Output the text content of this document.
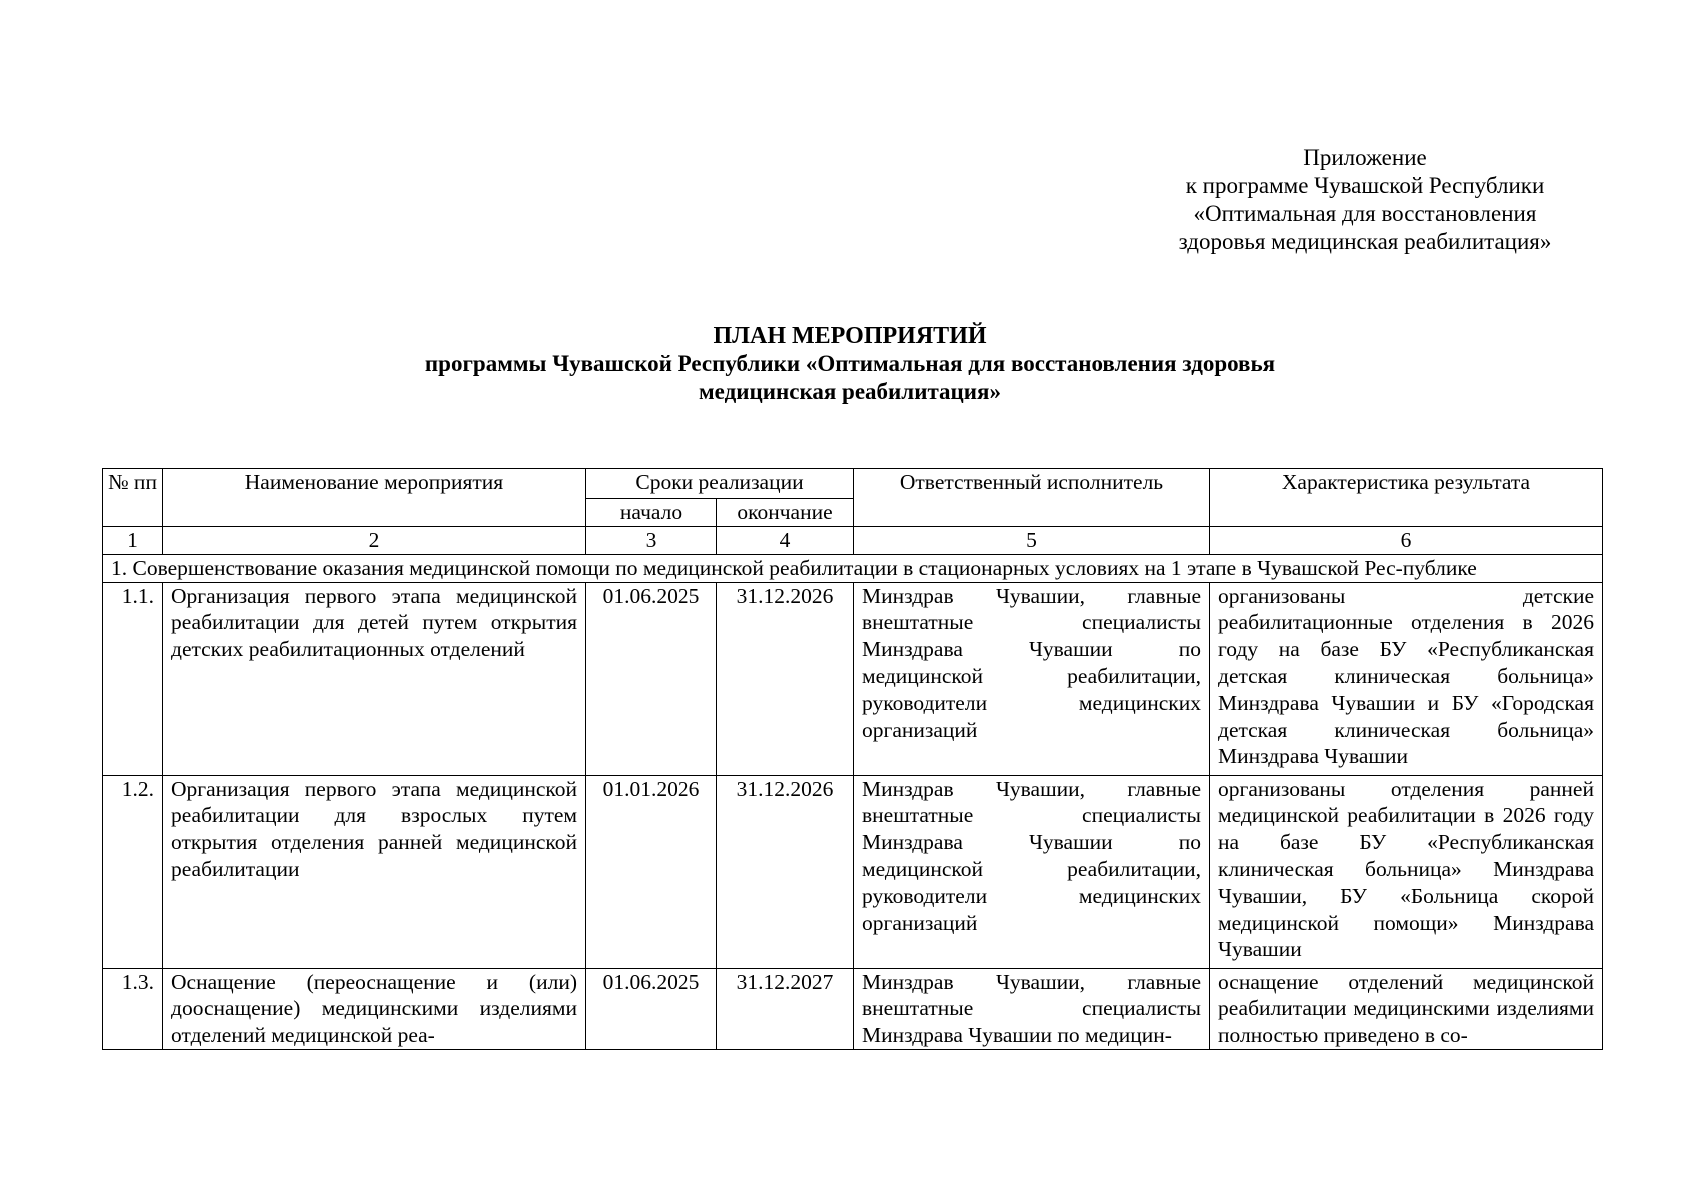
Приложение
к программе Чувашской Республики
«Оптимальная для восстановления
здоровья медицинская реабилитация»
ПЛАН МЕРОПРИЯТИЙ
программы Чувашской Республики «Оптимальная для восстановления здоровья
медицинская реабилитация»
№ пп	Наименование мероприятия	Сроки реализации		Ответственный исполнитель	Характеристика результата
		начало	окончание		
1	2	3	4	5	6
1. Совершенствование оказания медицинской помощи по медицинской реабилитации в стационарных условиях на 1 этапе в Чувашской Рес-публике					
1.1.	Организация первого этапа медицинской реабилитации для детей путем открытия детских реабилитационных отделений	01.06.2025	31.12.2026	Минздрав Чувашии, главные внештатные специалисты Минздрава Чувашии по медицинской реабилитации, руководители медицинских организаций	организованы детские реабилитационные отделения в 2026 году на базе БУ «Республиканская детская клиническая больница» Минздрава Чувашии и БУ «Городская детская клиническая больница» Минздрава Чувашии
1.2.	Организация первого этапа медицинской реабилитации для взрослых путем открытия отделения ранней медицинской реабилитации	01.01.2026	31.12.2026	Минздрав Чувашии, главные внештатные специалисты Минздрава Чувашии по медицинской реабилитации, руководители медицинских организаций	организованы отделения ранней медицинской реабилитации в 2026 году на базе БУ «Республиканская клиническая больница» Минздрава Чувашии, БУ «Больница скорой медицинской помощи» Минздрава Чувашии
1.3.	Оснащение (переоснащение и (или) дооснащение) медицинскими изделиями отделений медицинской реа-	01.06.2025	31.12.2027	Минздрав Чувашии, главные внештатные специалисты Минздрава Чувашии по медицин-	оснащение отделений медицинской реабилитации медицинскими изделиями полностью приведено в со-
